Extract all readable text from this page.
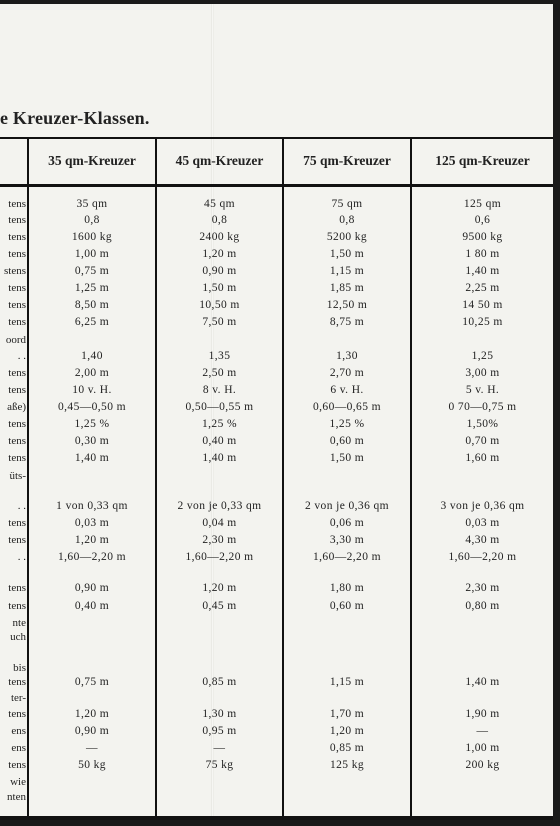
e Kreuzer-Klassen.
35 qm-Kreuzer	45 qm-Kreuzer	75 qm-Kreuzer	125 qm-Kreuzer
tens	35 qm	45 qm	75 qm	125 qm
tens	0,8	0,8	0,8	0,6
tens	1600 kg	2400 kg	5200 kg	9500 kg
tens	1,00 m	1,20 m	1,50 m	1 80 m
stens	0,75 m	0,90 m	1,15 m	1,40 m
tens	1,25 m	1,50 m	1,85 m	2,25 m
tens	8,50 m	10,50 m	12,50 m	14 50 m
tens	6,25 m	7,50 m	8,75 m	10,25 m
oord
. .	1,40	1,35	1,30	1,25
tens	2,00 m	2,50 m	2,70 m	3,00 m
tens	10 v. H.	8 v. H.	6 v. H.	5 v. H.
aße)	0,45—0,50 m	0,50—0,55 m	0,60—0,65 m	0 70—0,75 m
tens	1,25 %	1,25 %	1,25 %	1,50%
tens	0,30 m	0,40 m	0,60 m	0,70 m
tens	1,40 m	1,40 m	1,50 m	1,60 m
üts-
. .	1 von 0,33 qm	2 von je 0,33 qm	2 von je 0,36 qm	3 von je 0,36 qm
tens	0,03 m	0,04 m	0,06 m	0,03 m
tens	1,20 m	2,30 m	3,30 m	4,30 m
. .	1,60—2,20 m	1,60—2,20 m	1,60—2,20 m	1,60—2,20 m
tens	0,90 m	1,20 m	1,80 m	2,30 m
tens	0,40 m	0,45 m	0,60 m	0,80 m
nte
uch
bis
tens	0,75 m	0,85 m	1,15 m	1,40 m
ter-
tens	1,20 m	1,30 m	1,70 m	1,90 m
ens	0,90 m	0,95 m	1,20 m	—
ens	—	—	0,85 m	1,00 m
tens	50 kg	75 kg	125 kg	200 kg
wie
nten
